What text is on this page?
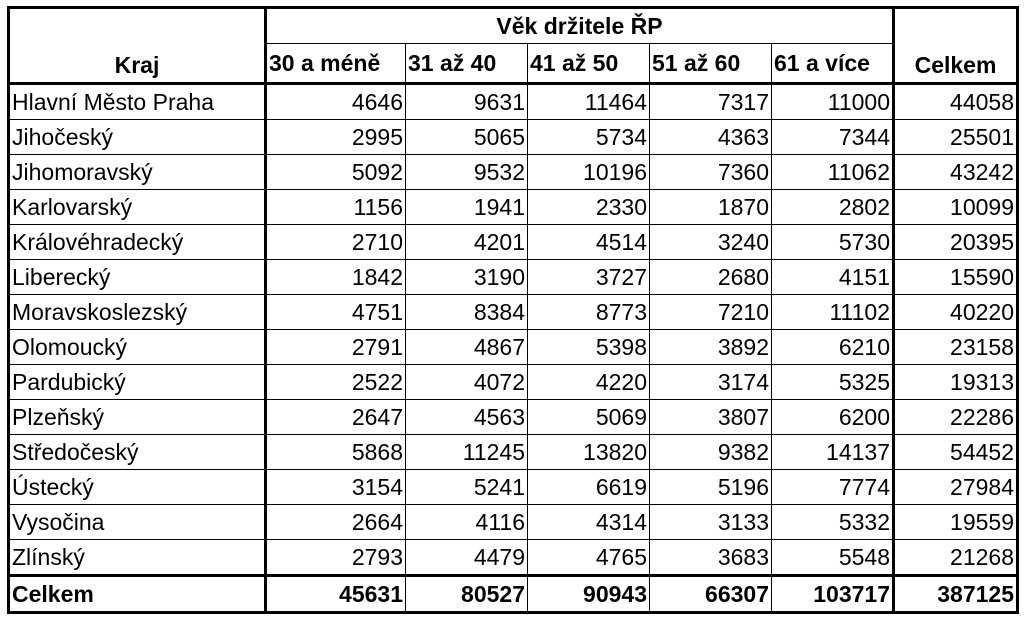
Kraj	Věk držitele ŘP					Celkem
	30 a méně	31 až 40	41 až 50	51 až 60	61 a více	
Hlavní Město Praha	4646	9631	11464	7317	11000	44058
Jihočeský	2995	5065	5734	4363	7344	25501
Jihomoravský	5092	9532	10196	7360	11062	43242
Karlovarský	1156	1941	2330	1870	2802	10099
Královéhradecký	2710	4201	4514	3240	5730	20395
Liberecký	1842	3190	3727	2680	4151	15590
Moravskoslezský	4751	8384	8773	7210	11102	40220
Olomoucký	2791	4867	5398	3892	6210	23158
Pardubický	2522	4072	4220	3174	5325	19313
Plzeňský	2647	4563	5069	3807	6200	22286
Středočeský	5868	11245	13820	9382	14137	54452
Ústecký	3154	5241	6619	5196	7774	27984
Vysočina	2664	4116	4314	3133	5332	19559
Zlínský	2793	4479	4765	3683	5548	21268
Celkem	45631	80527	90943	66307	103717	387125
